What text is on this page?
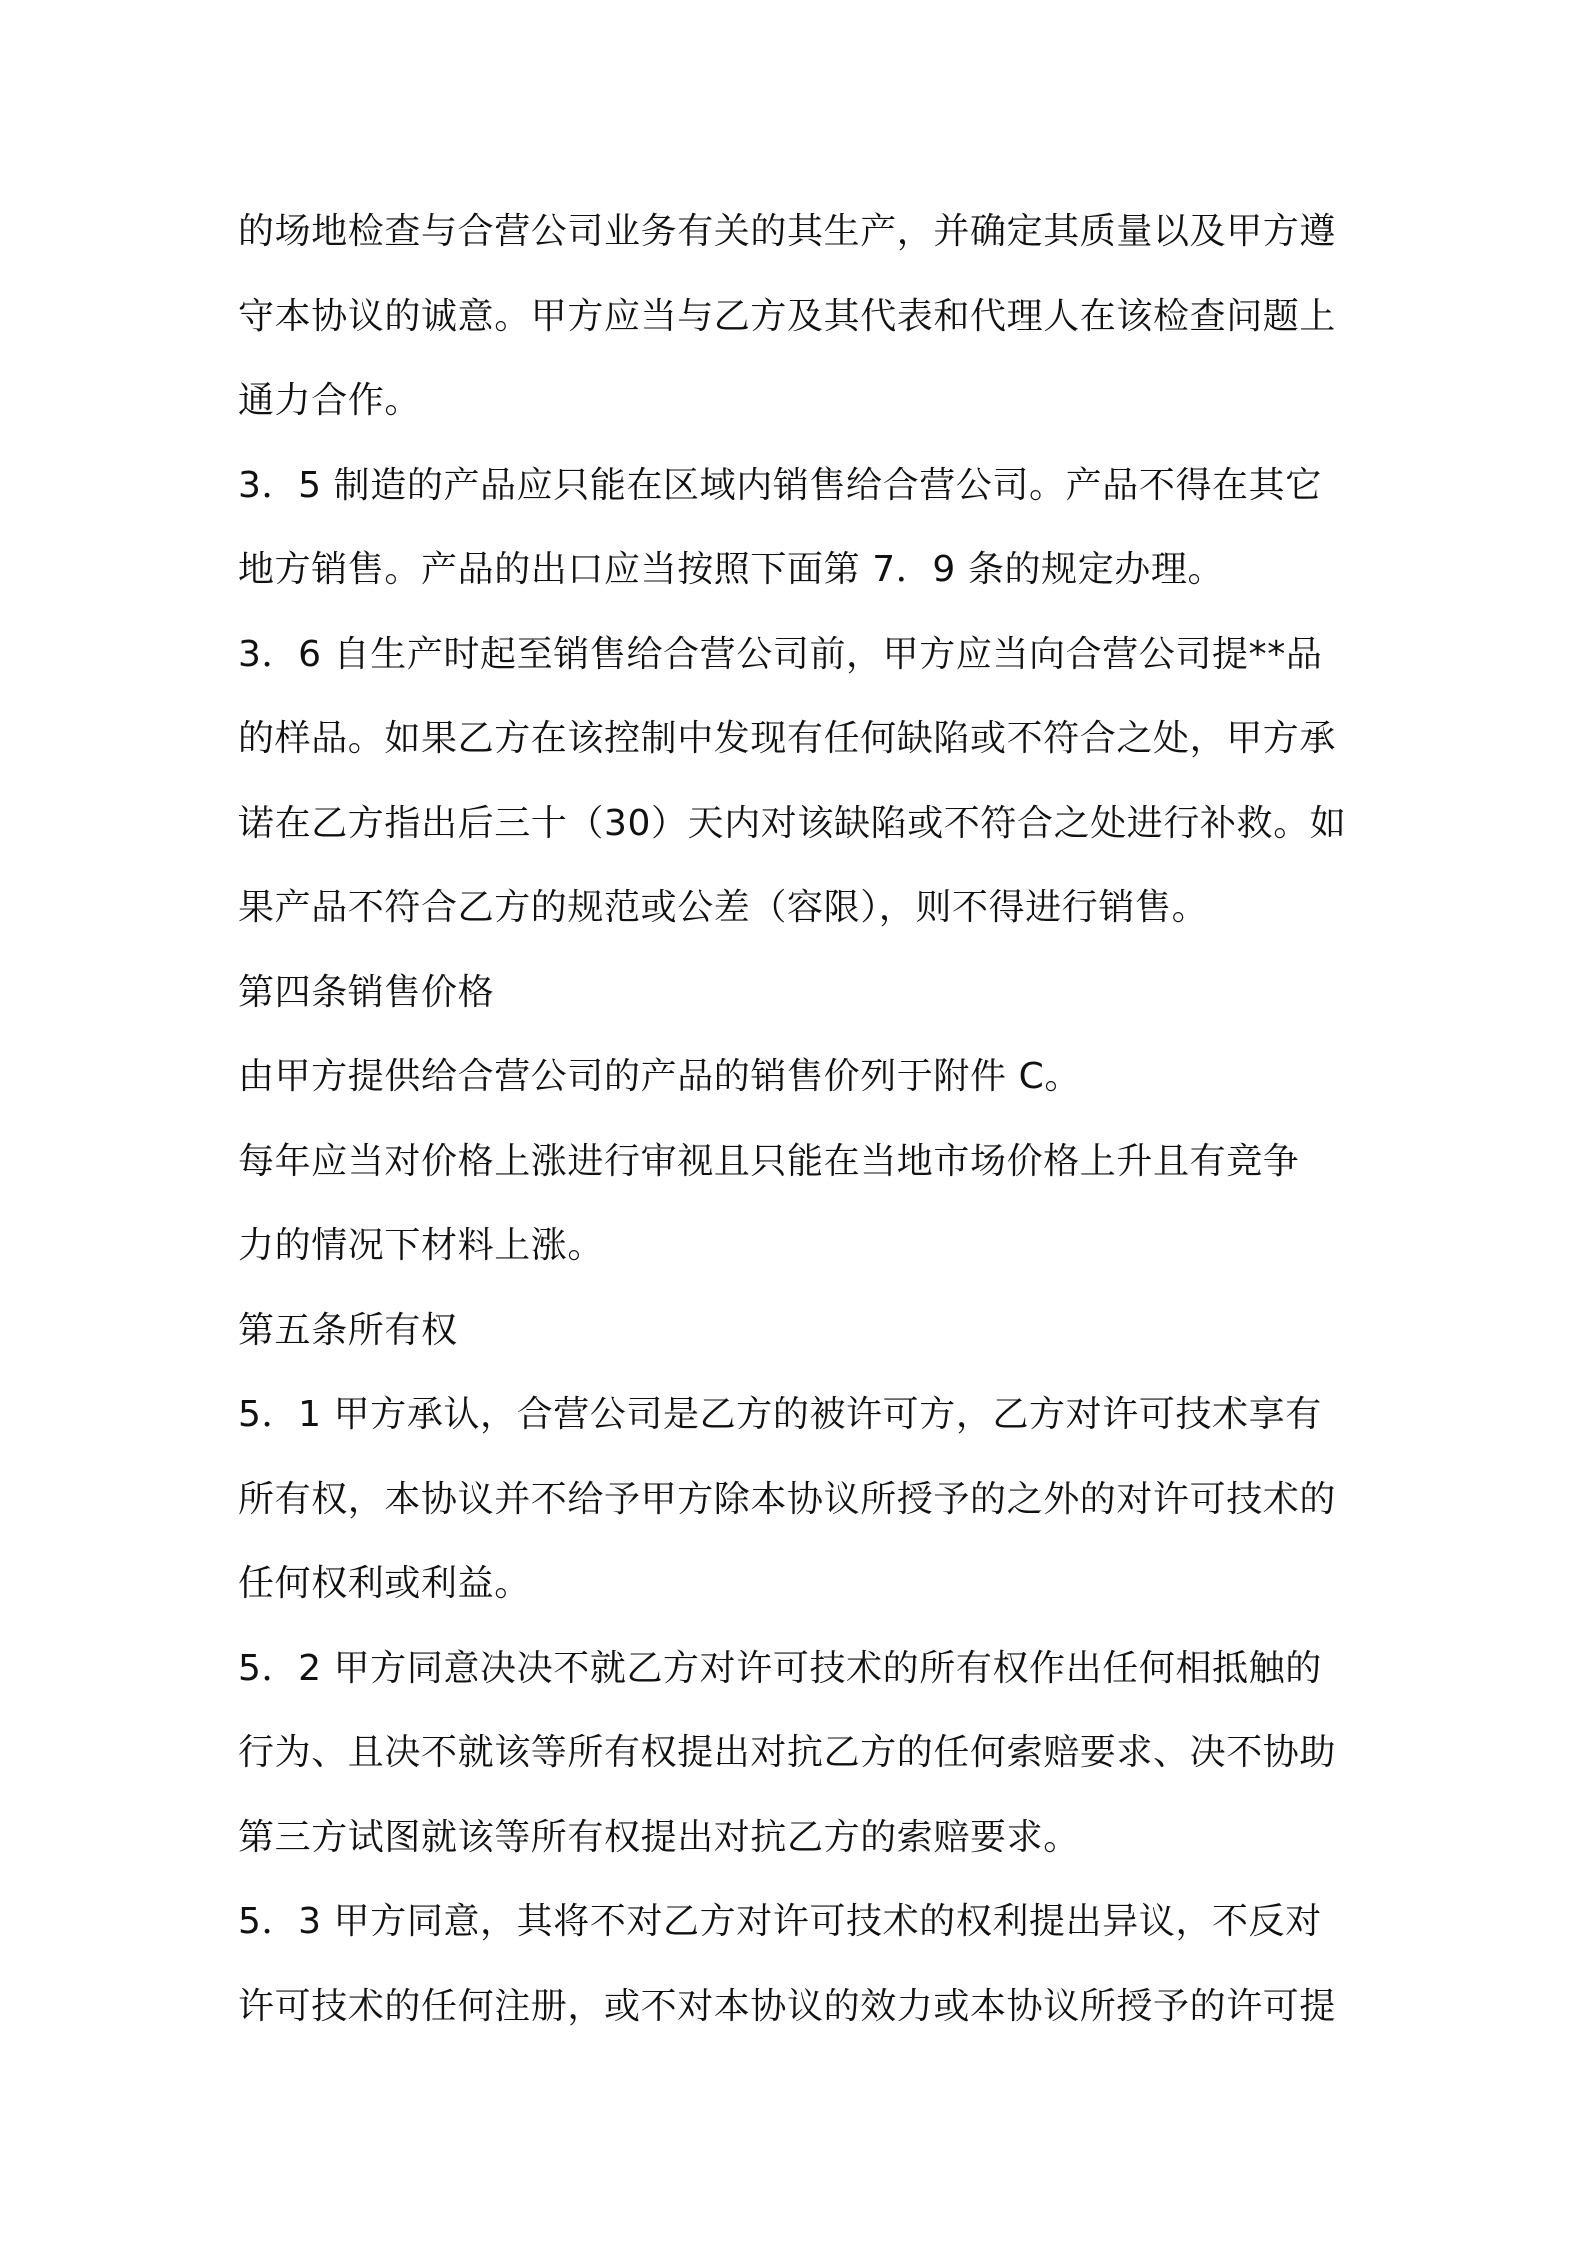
的场地检查与合营公司业务有关的其生产，并确定其质量以及甲方遵
守本协议的诚意。甲方应当与乙方及其代表和代理人在该检查问题上
通力合作。
3．5 制造的产品应只能在区域内销售给合营公司。产品不得在其它
地方销售。产品的出口应当按照下面第 7．9 条的规定办理。
3．6 自生产时起至销售给合营公司前，甲方应当向合营公司提**品
的样品。如果乙方在该控制中发现有任何缺陷或不符合之处，甲方承
诺在乙方指出后三十（30）天内对该缺陷或不符合之处进行补救。如
果产品不符合乙方的规范或公差（容限），则不得进行销售。
第四条销售价格
由甲方提供给合营公司的产品的销售价列于附件 C。
每年应当对价格上涨进行审视且只能在当地市场价格上升且有竞争
力的情况下材料上涨。
第五条所有权
5．1 甲方承认，合营公司是乙方的被许可方，乙方对许可技术享有
所有权，本协议并不给予甲方除本协议所授予的之外的对许可技术的
任何权利或利益。
5．2 甲方同意决决不就乙方对许可技术的所有权作出任何相抵触的
行为、且决不就该等所有权提出对抗乙方的任何索赔要求、决不协助
第三方试图就该等所有权提出对抗乙方的索赔要求。
5．3 甲方同意，其将不对乙方对许可技术的权利提出异议，不反对
许可技术的任何注册，或不对本协议的效力或本协议所授予的许可提
